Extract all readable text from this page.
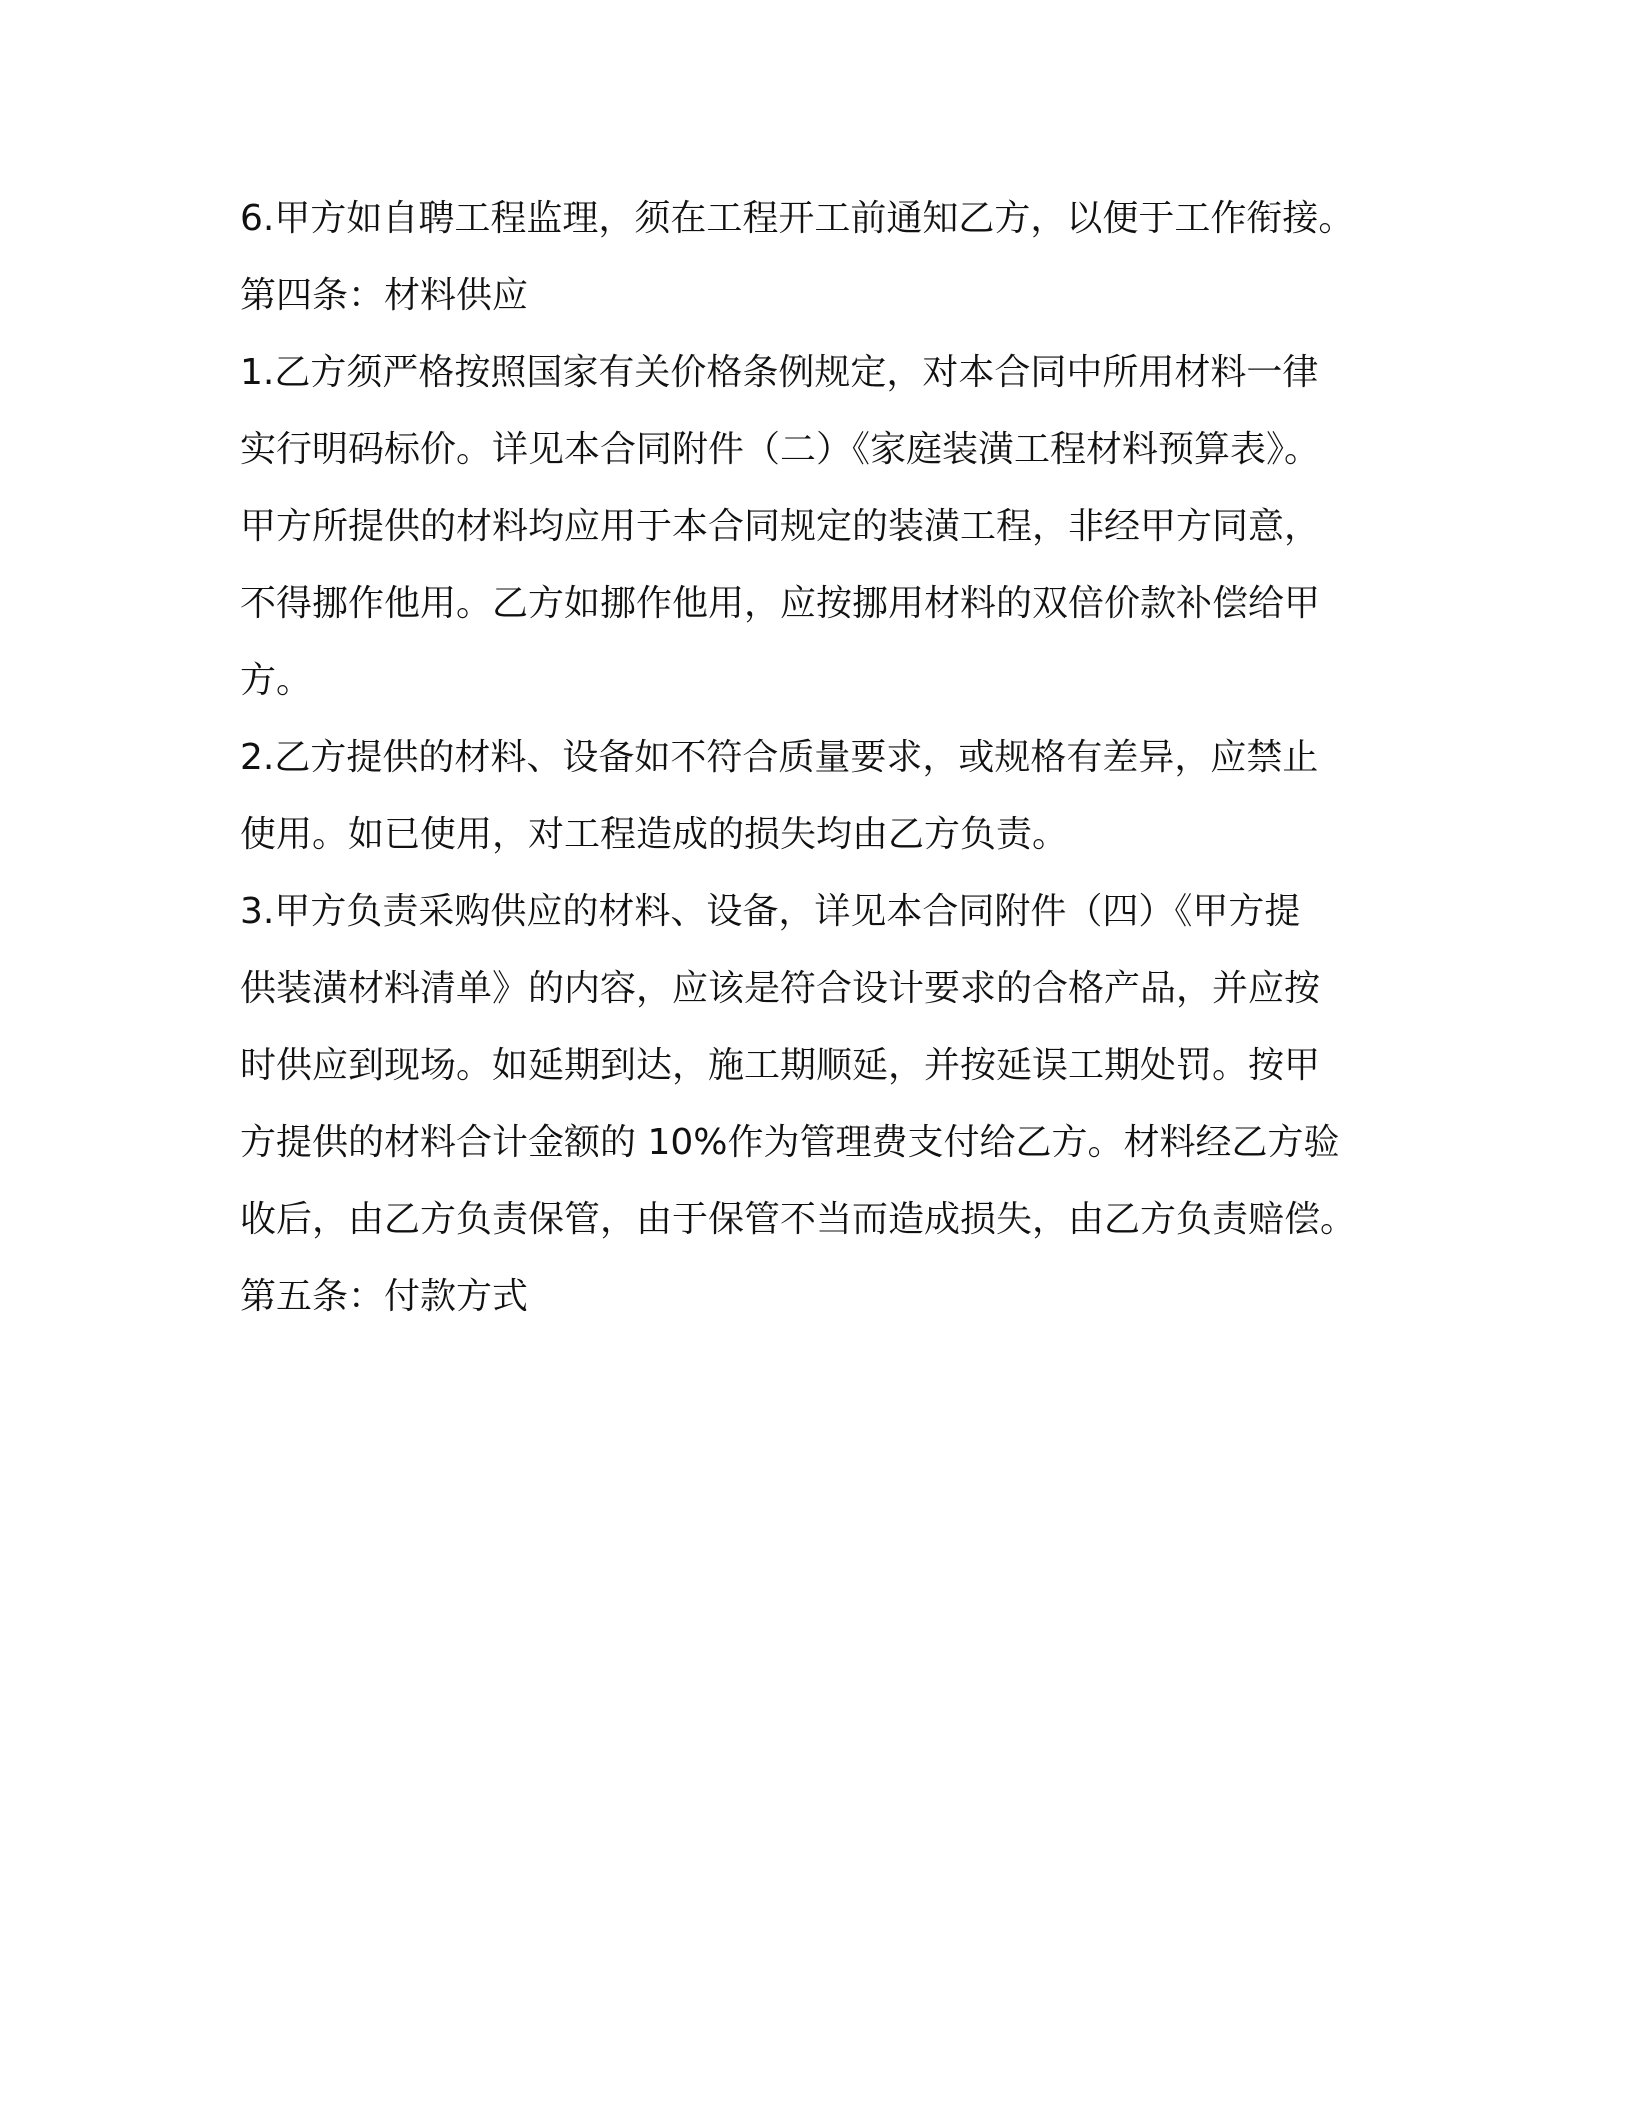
6.甲方如自聘工程监理，须在工程开工前通知乙方，以便于工作衔接。
第四条：材料供应
1.乙方须严格按照国家有关价格条例规定，对本合同中所用材料一律
实行明码标价。详见本合同附件（二）《家庭装潢工程材料预算表》。
甲方所提供的材料均应用于本合同规定的装潢工程，非经甲方同意，
不得挪作他用。乙方如挪作他用，应按挪用材料的双倍价款补偿给甲
方。
2.乙方提供的材料、设备如不符合质量要求，或规格有差异，应禁止
使用。如已使用，对工程造成的损失均由乙方负责。
3.甲方负责采购供应的材料、设备，详见本合同附件（四）《甲方提
供装潢材料清单》的内容，应该是符合设计要求的合格产品，并应按
时供应到现场。如延期到达，施工期顺延，并按延误工期处罚。按甲
方提供的材料合计金额的 10%作为管理费支付给乙方。材料经乙方验
收后，由乙方负责保管，由于保管不当而造成损失，由乙方负责赔偿。
第五条：付款方式
